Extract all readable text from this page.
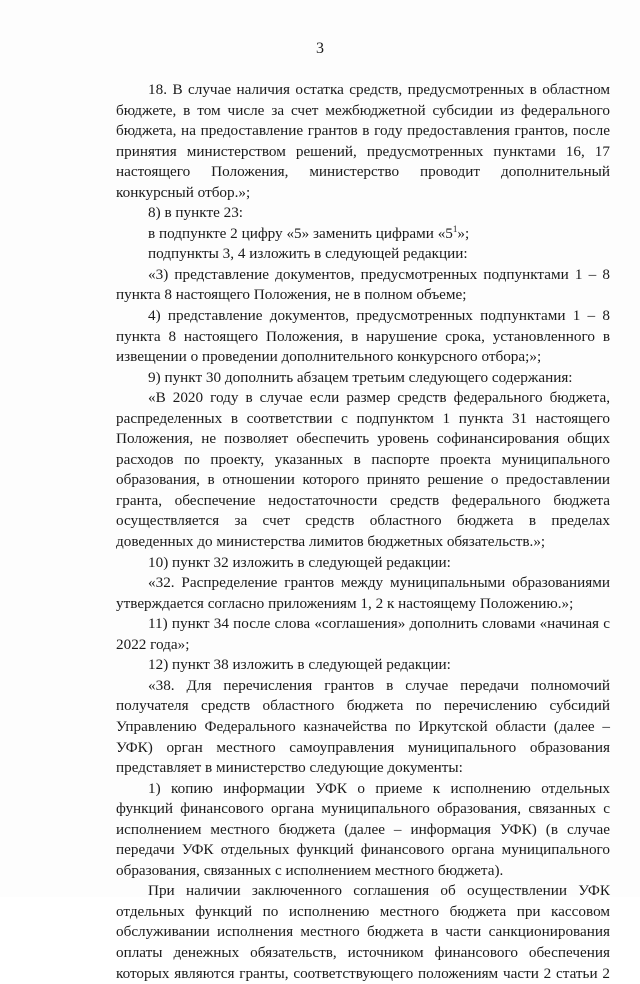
3

18. В случае наличия остатка средств, предусмотренных в областном бюджете, в том числе за счет межбюджетной субсидии из федерального бюджета, на предоставление грантов в году предоставления грантов, после принятия министерством решений, предусмотренных пунктами 16, 17 настоящего Положения, министерство проводит дополнительный конкурсный отбор.»;

8) в пункте 23:

в подпункте 2 цифру «5» заменить цифрами «$5^1$»;

подпункты 3, 4 изложить в следующей редакции:

«3) представление документов, предусмотренных подпунктами 1 – 8 пункта 8 настоящего Положения, не в полном объеме;

4) представление документов, предусмотренных подпунктами 1 – 8 пункта 8 настоящего Положения, в нарушение срока, установленного в извещении о проведении дополнительного конкурсного отбора;»;

9) пункт 30 дополнить абзацем третьим следующего содержания:

«В 2020 году в случае если размер средств федерального бюджета, распределенных в соответствии с подпунктом 1 пункта 31 настоящего Положения, не позволяет обеспечить уровень софинансирования общих расходов по проекту, указанных в паспорте проекта муниципального образования, в отношении которого принято решение о предоставлении гранта, обеспечение недостаточности средств федерального бюджета осуществляется за счет средств областного бюджета в пределах доведенных до министерства лимитов бюджетных обязательств.»;

10) пункт 32 изложить в следующей редакции:

«32. Распределение грантов между муниципальными образованиями утверждается согласно приложениям 1, 2 к настоящему Положению.»;

11) пункт 34 после слова «соглашения» дополнить словами «начиная с 2022 года»;

12) пункт 38 изложить в следующей редакции:

«38. Для перечисления грантов в случае передачи полномочий получателя средств областного бюджета по перечислению субсидий Управлению Федерального казначейства по Иркутской области (далее – УФК) орган местного самоуправления муниципального образования представляет в министерство следующие документы:

1) копию информации УФК о приеме к исполнению отдельных функций финансового органа муниципального образования, связанных с исполнением местного бюджета (далее – информация УФК) (в случае передачи УФК отдельных функций финансового органа муниципального образования, связанных с исполнением местного бюджета).

При наличии заключенного соглашения об осуществлении УФК отдельных функций по исполнению местного бюджета при кассовом обслуживании исполнения местного бюджета в части санкционирования оплаты денежных обязательств, источником финансового обеспечения которых являются гранты, соответствующего положениям части 2 статьи 2
